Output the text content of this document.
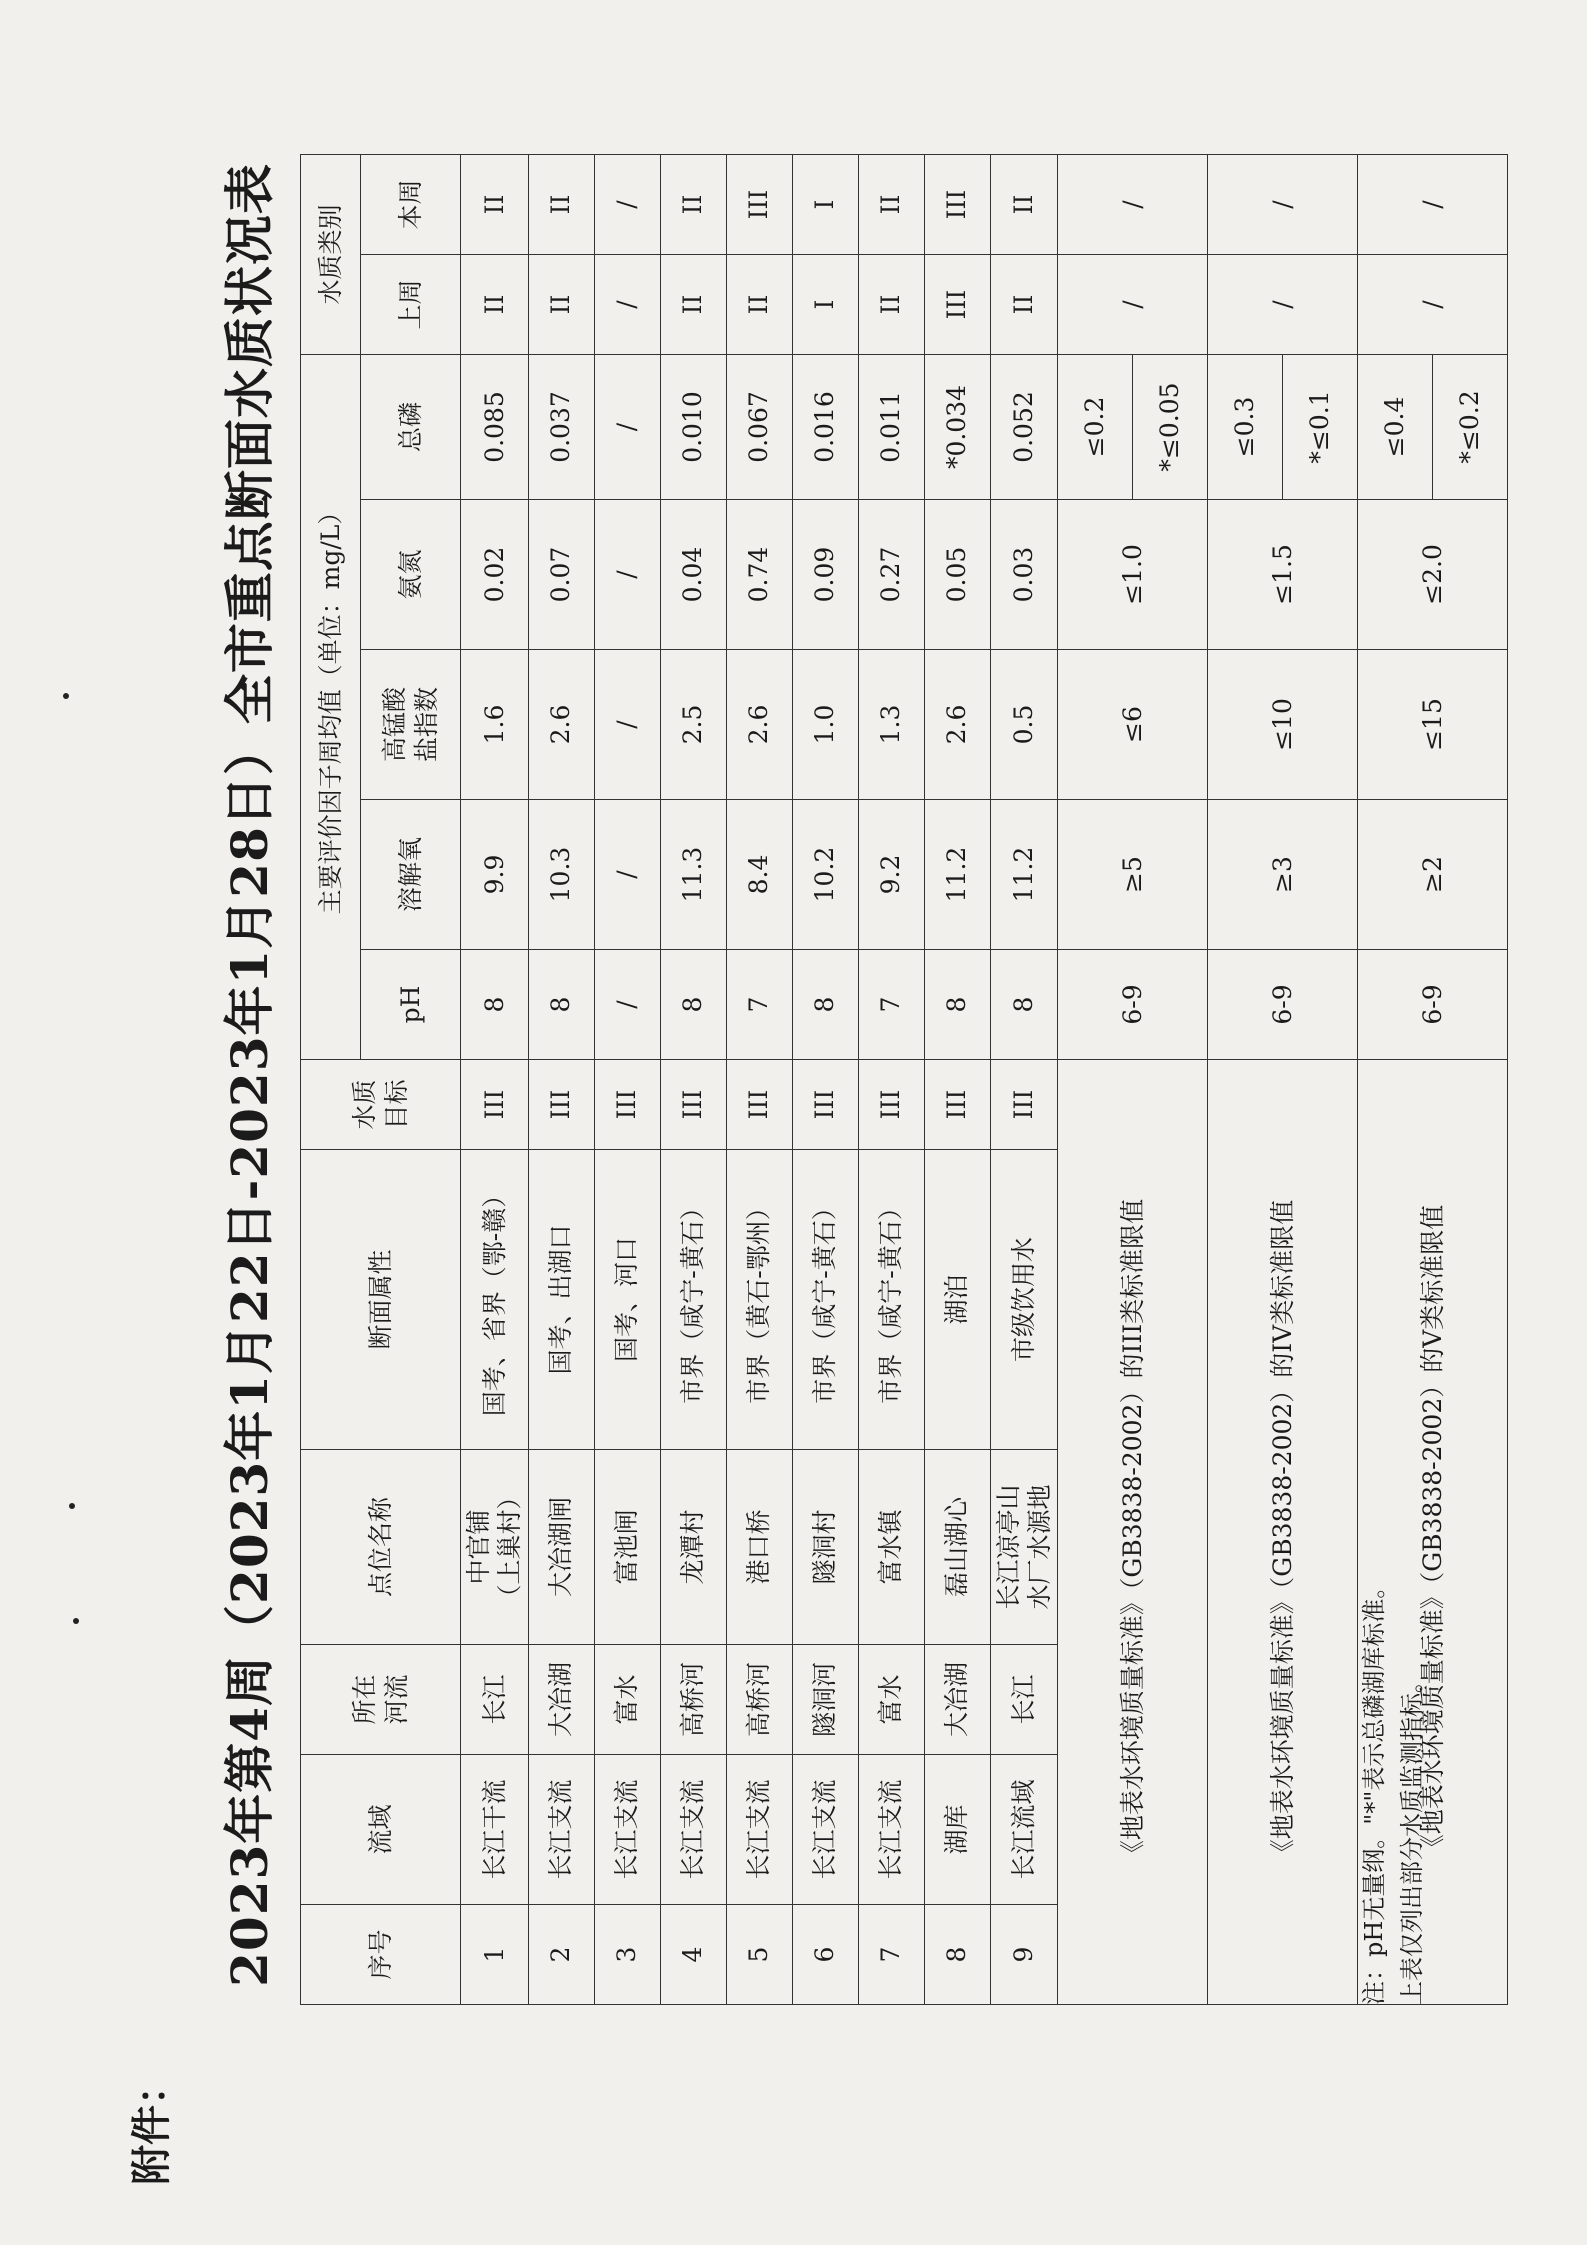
附件：
2023年第4周（2023年1月22日-2023年1月28日）全市重点断面水质状况表	序号	流域	所在
河流	点位名称	断面属性	水质
目标	主要评价因子周均值（单位：mg/L）					水质类别	
						pH	溶解氧	高锰酸
盐指数	氨氮	总磷	上周	本周
1	长江干流	长江	中官铺
（上巢村）	国考、省界（鄂-赣）	III	8	9.9	1.6	0.02	0.085	II	II
2	长江支流	大冶湖	大冶湖闸	国考、出湖口	III	8	10.3	2.6	0.07	0.037	II	II
3	长江支流	富水	富池闸	国考、河口	III	/	/	/	/	/	/	/
4	长江支流	高桥河	龙潭村	市界（咸宁-黄石）	III	8	11.3	2.5	0.04	0.010	II	II
5	长江支流	高桥河	港口桥	市界（黄石-鄂州）	III	7	8.4	2.6	0.74	0.067	II	III
6	长江支流	隧洞河	隧洞村	市界（咸宁-黄石）	III	8	10.2	1.0	0.09	0.016	I	I
7	长江支流	富水	富水镇	市界（咸宁-黄石）	III	7	9.2	1.3	0.27	0.011	II	II
8	湖库	大冶湖	磊山湖心	湖泊	III	8	11.2	2.6	0.05	*0.034	III	III
9	长江流域	长江	长江凉亭山
水厂水源地	市级饮用水	III	8	11.2	0.5	0.03	0.052	II	II
《地表水环境质量标准》（GB3838-2002）的III类标准限值						6-9	≥5	≤6	≤1.0	≤0.2	/	/
										*≤0.05		
《地表水环境质量标准》（GB3838-2002）的IV类标准限值						6-9	≥3	≤10	≤1.5	≤0.3	/	/
										*≤0.1		
《地表水环境质量标准》（GB3838-2002）的V类标准限值						6-9	≥2	≤15	≤2.0	≤0.4	/	/
										*≤0.2		
注：pH无量纲。"*"表示总磷湖库标准。 上表仅列出部分水质监测指标。
